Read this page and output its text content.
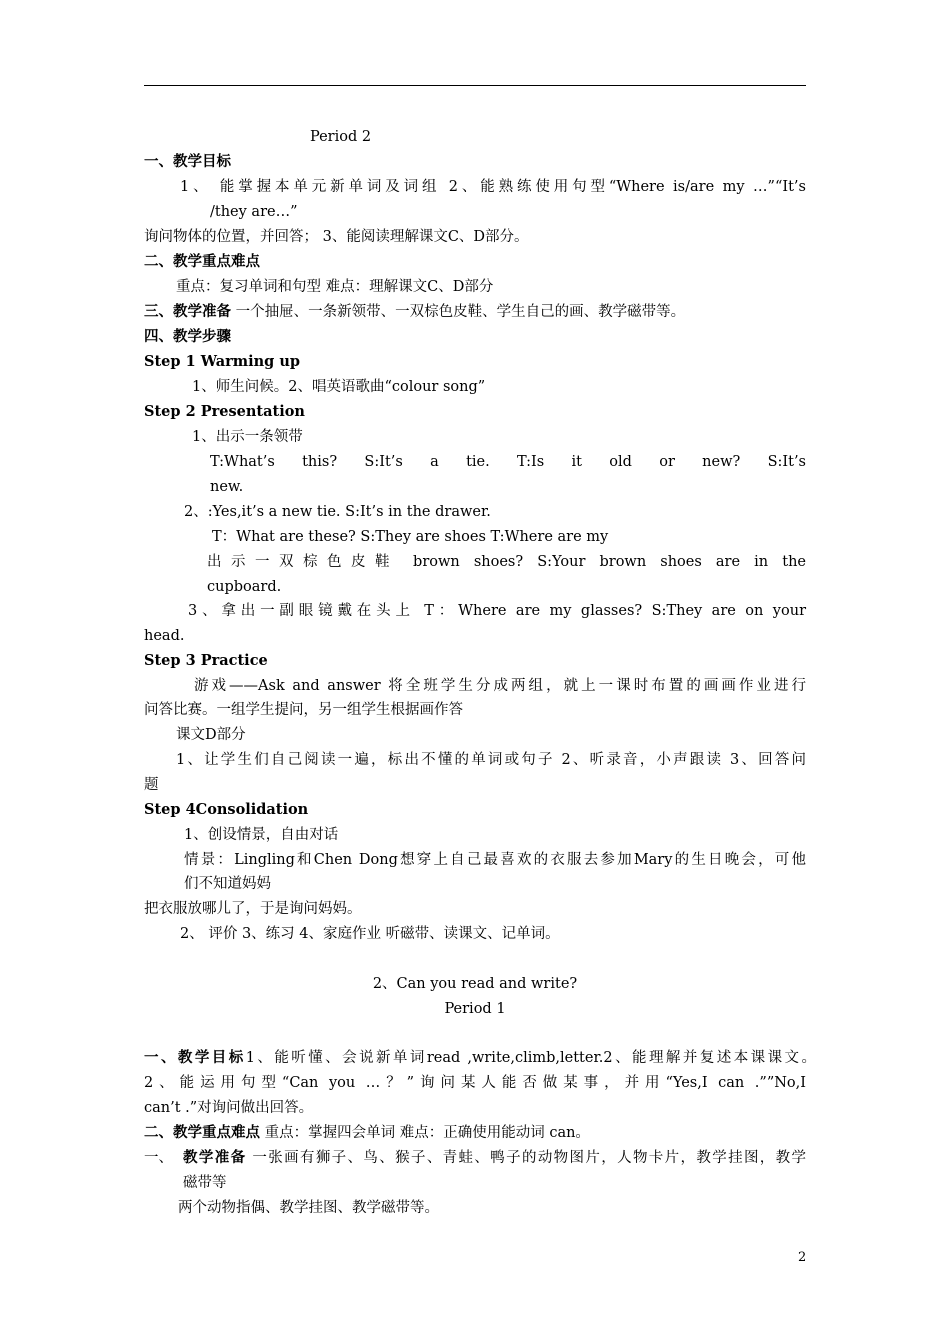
Period 2
一、教学目标
1、 能掌握本单元新单词及词组 2、能熟练使用句型“Where is/are my …”“It’s
/they are…”
询问物体的位置，并回答； 3、能阅读理解课文C、D部分。
二、教学重点难点
重点：复习单词和句型 难点：理解课文C、D部分
三、教学准备 一个抽屉、一条新领带、一双棕色皮鞋、学生自己的画、教学磁带等。
四、教学步骤
Step 1 Warming up
1、师生问候。2、唱英语歌曲“colour song”
Step 2 Presentation
1、出示一条领带
T:What’s this? S:It’s a tie. T:Is it old or new? S:It’s
new.
2、:Yes,it’s a new tie. S:It’s in the drawer.
T：What are these? S:They are shoes T:Where are my
出示一双棕色皮鞋 brown shoes? S:Your brown shoes are in the
cupboard.
3、拿出一副眼镜戴在头上 T：Where are my glasses? S:They are on your
head.
Step 3 Practice
游戏——Ask and answer 将全班学生分成两组，就上一课时布置的画画作业进行
问答比赛。一组学生提问，另一组学生根据画作答
课文D部分
1、让学生们自己阅读一遍，标出不懂的单词或句子 2、听录音，小声跟读 3、回答问
题
Step 4Consolidation
1、创设情景，自由对话
情景：Lingling和Chen Dong想穿上自己最喜欢的衣服去参加Mary的生日晚会，可他
们不知道妈妈
把衣服放哪儿了，于是询问妈妈。
2、 评价 3、练习 4、家庭作业 听磁带、读课文、记单词。
2、Can you read and write?
Period 1
一、教学目标1、能听懂、会说新单词read ,write,climb,letter.2、能理解并复述本课课文。
2、能运用句型“Can you …？”询问某人能否做某事，并用“Yes,I can .””No,I
can’t .”对询问做出回答。
二、教学重点难点 重点：掌握四会单词 难点：正确使用能动词 can。
一、 教学准备 一张画有狮子、鸟、猴子、青蛙、鸭子的动物图片，人物卡片，教学挂图，教学
磁带等
两个动物指偶、教学挂图、教学磁带等。
2
